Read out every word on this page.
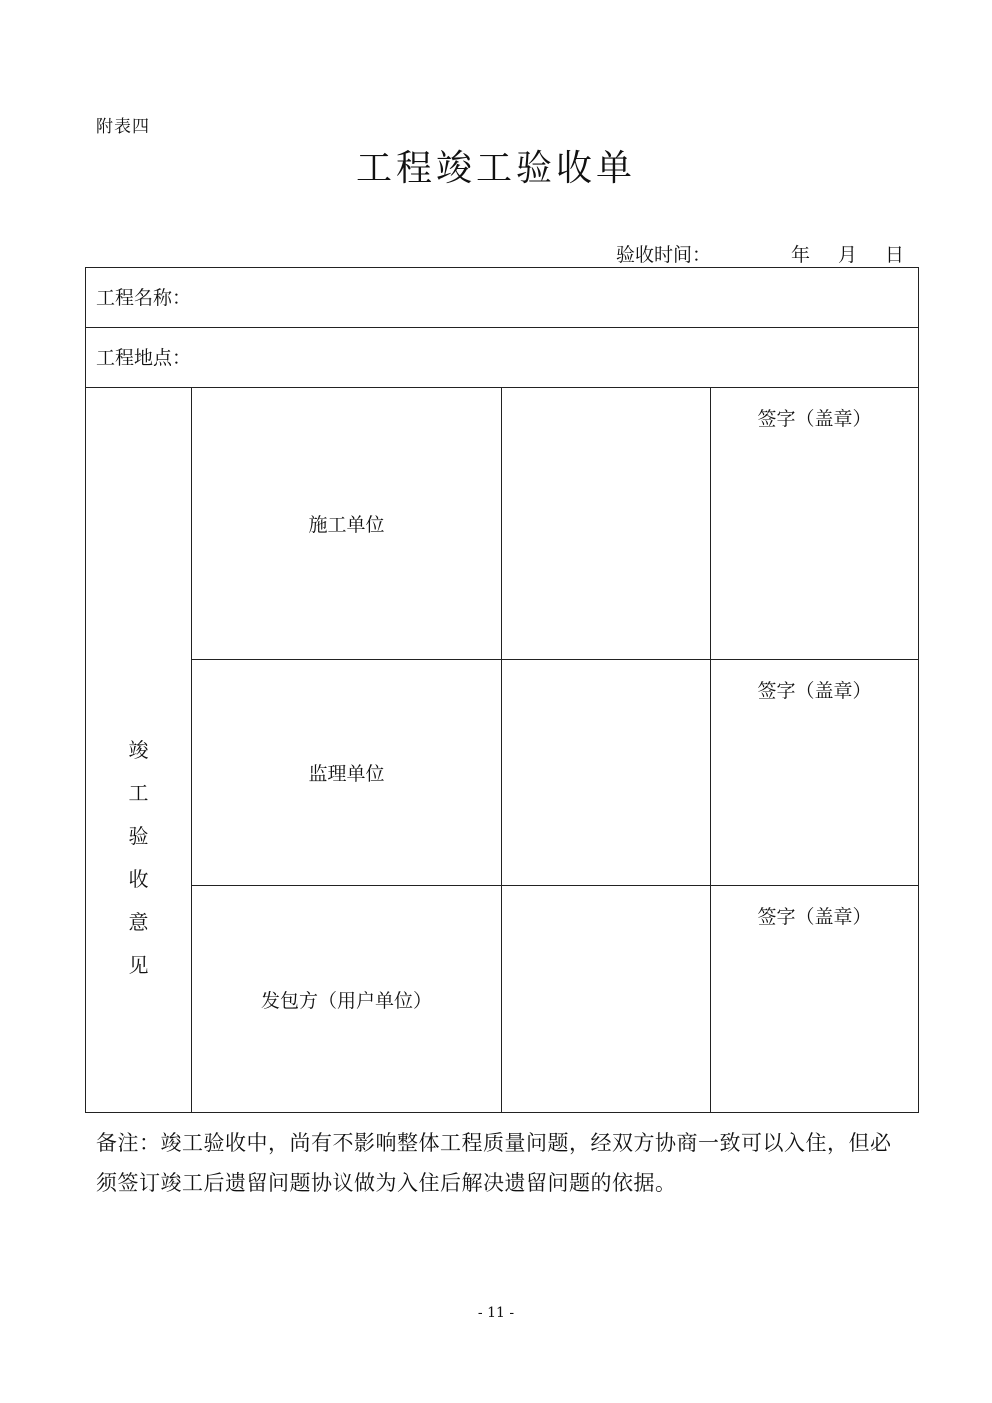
附表四
工程竣工验收单
验收时间：	年 月 日
工程名称：
工程地点：
竣
工
验
收
意
见
施工单位
签字（盖章）
监理单位
签字（盖章）
发包方（用户单位）
签字（盖章）
备注：竣工验收中，尚有不影响整体工程质量问题，经双方协商一致可以入住，但必须签订竣工后遗留问题协议做为入住后解决遗留问题的依据。
- 11 -
